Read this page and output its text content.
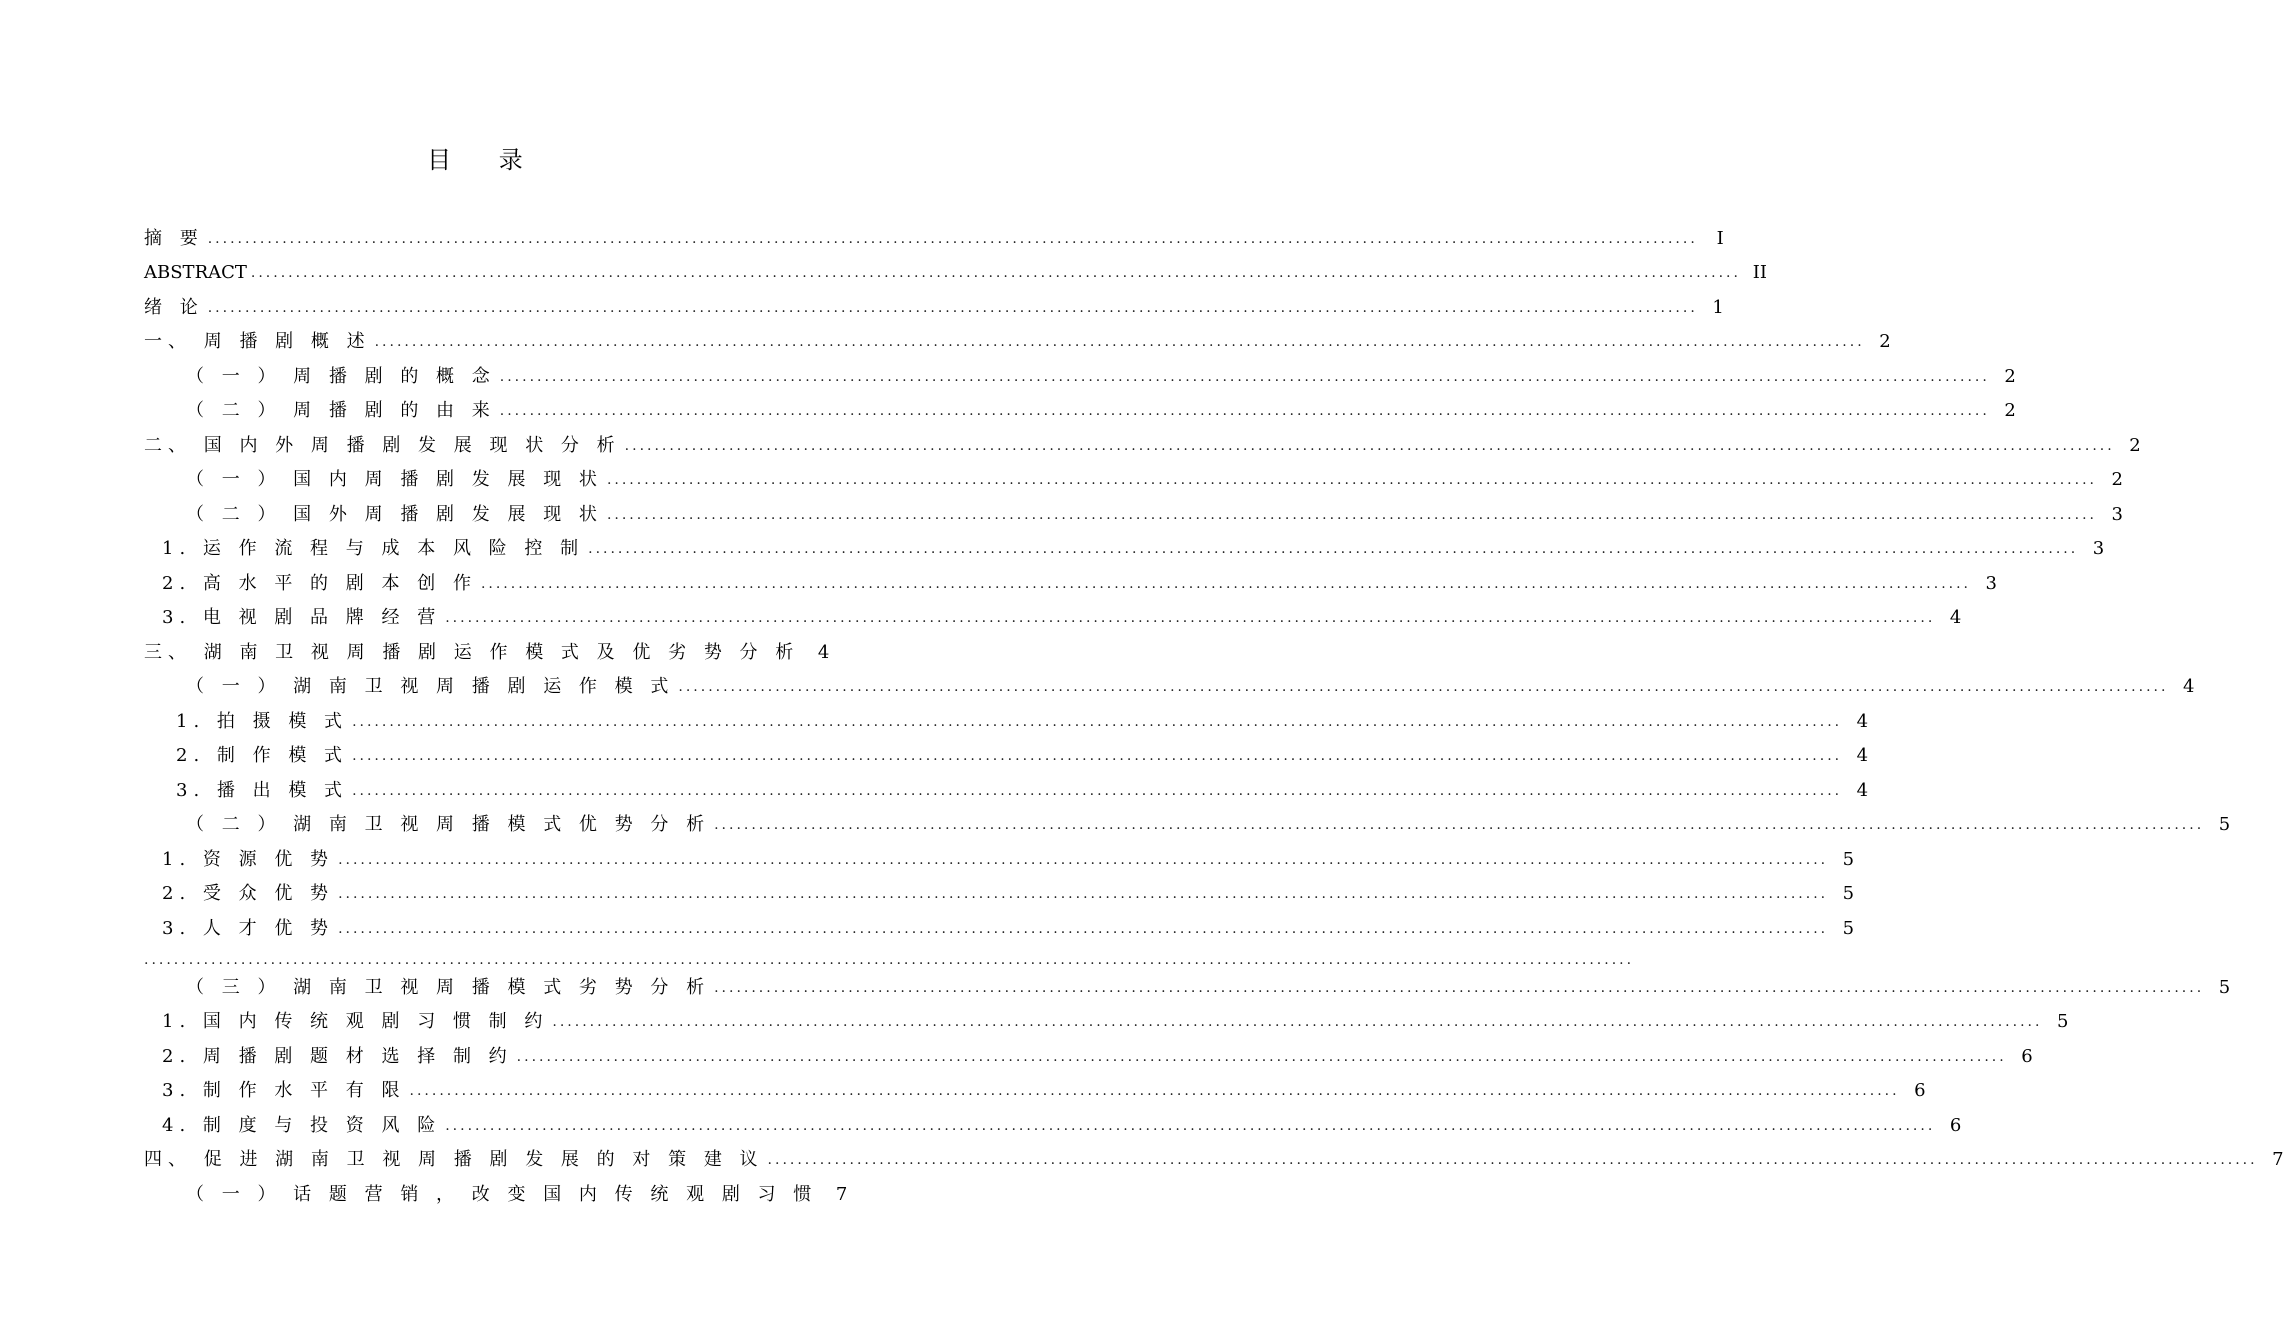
目 录
摘 要 ........................................................................................................................................................................................................	I
ABSTRACT ........................................................................................................................................................................................................ II
绪 论 ........................................................................................................................................................................................................ 1
一、 周 播 剧 概 述 ........................................................................................................................................................................................................ 2
（ 一 ） 周 播 剧 的 概 念 ........................................................................................................................................................................................................ 2
（ 二 ） 周 播 剧 的 由 来 ........................................................................................................................................................................................................ 2
二、 国 内 外 周 播 剧 发 展 现 状 分 析 ........................................................................................................................................................................................................ 2
（ 一 ） 国 内 周 播 剧 发 展 现 状 ........................................................................................................................................................................................................ 2
（ 二 ） 国 外 周 播 剧 发 展 现 状 ........................................................................................................................................................................................................ 3
1. 运 作 流 程 与 成 本 风 险 控 制 ........................................................................................................................................................................................................ 3
2. 高 水 平 的 剧 本 创 作 ........................................................................................................................................................................................................ 3
3. 电 视 剧 品 牌 经 营 ........................................................................................................................................................................................................ 4
三、 湖 南 卫 视 周 播 剧 运 作 模 式 及 优 劣 势 分 析	4
（ 一 ） 湖 南 卫 视 周 播 剧 运 作 模 式 ........................................................................................................................................................................................................ 4
1. 拍 摄 模 式 ........................................................................................................................................................................................................ 4
2. 制 作 模 式 ........................................................................................................................................................................................................ 4
3. 播 出 模 式 ........................................................................................................................................................................................................ 4
（ 二 ） 湖 南 卫 视 周 播 模 式 优 势 分 析 ........................................................................................................................................................................................................ 5
1. 资 源 优 势 ........................................................................................................................................................................................................ 5
2. 受 众 优 势 ........................................................................................................................................................................................................ 5
3. 人 才 优 势 ........................................................................................................................................................................................................ 5
（ 三 ） 湖 南 卫 视 周 播 模 式 劣 势 分 析 ........................................................................................................................................................................................................ 5
1. 国 内 传 统 观 剧 习 惯 制 约 ........................................................................................................................................................................................................ 5
2. 周 播 剧 题 材 选 择 制 约 ........................................................................................................................................................................................................ 6
3. 制 作 水 平 有 限 ........................................................................................................................................................................................................ 6
4. 制 度 与 投 资 风 险 ........................................................................................................................................................................................................ 6
四、 促 进 湖 南 卫 视 周 播 剧 发 展 的 对 策 建 议 ........................................................................................................................................................................................................ 7
（ 一 ） 话 题 营 销 ， 改 变 国 内 传 统 观 剧 习 惯	7
........................................................................................................................................................................................................
